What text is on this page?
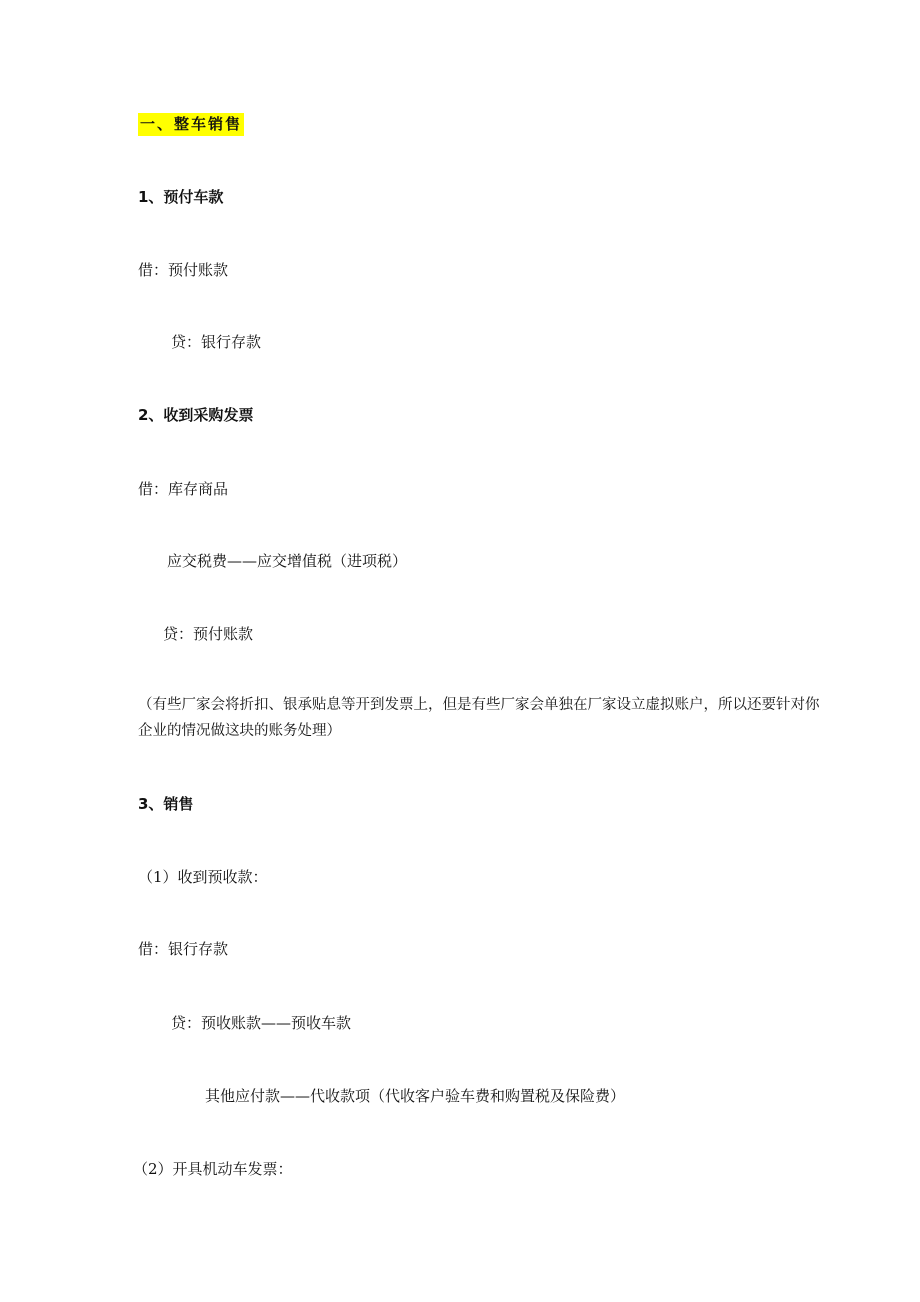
一、整车销售
1、预付车款
借：预付账款
贷：银行存款
2、收到采购发票
借：库存商品
应交税费——应交增值税（进项税）
贷：预付账款
（有些厂家会将折扣、银承贴息等开到发票上，但是有些厂家会单独在厂家设立虚拟账户，所以还要针对你
企业的情况做这块的账务处理）
3、销售
（1）收到预收款：
借：银行存款
贷：预收账款——预收车款
其他应付款——代收款项（代收客户验车费和购置税及保险费）
（2）开具机动车发票：
